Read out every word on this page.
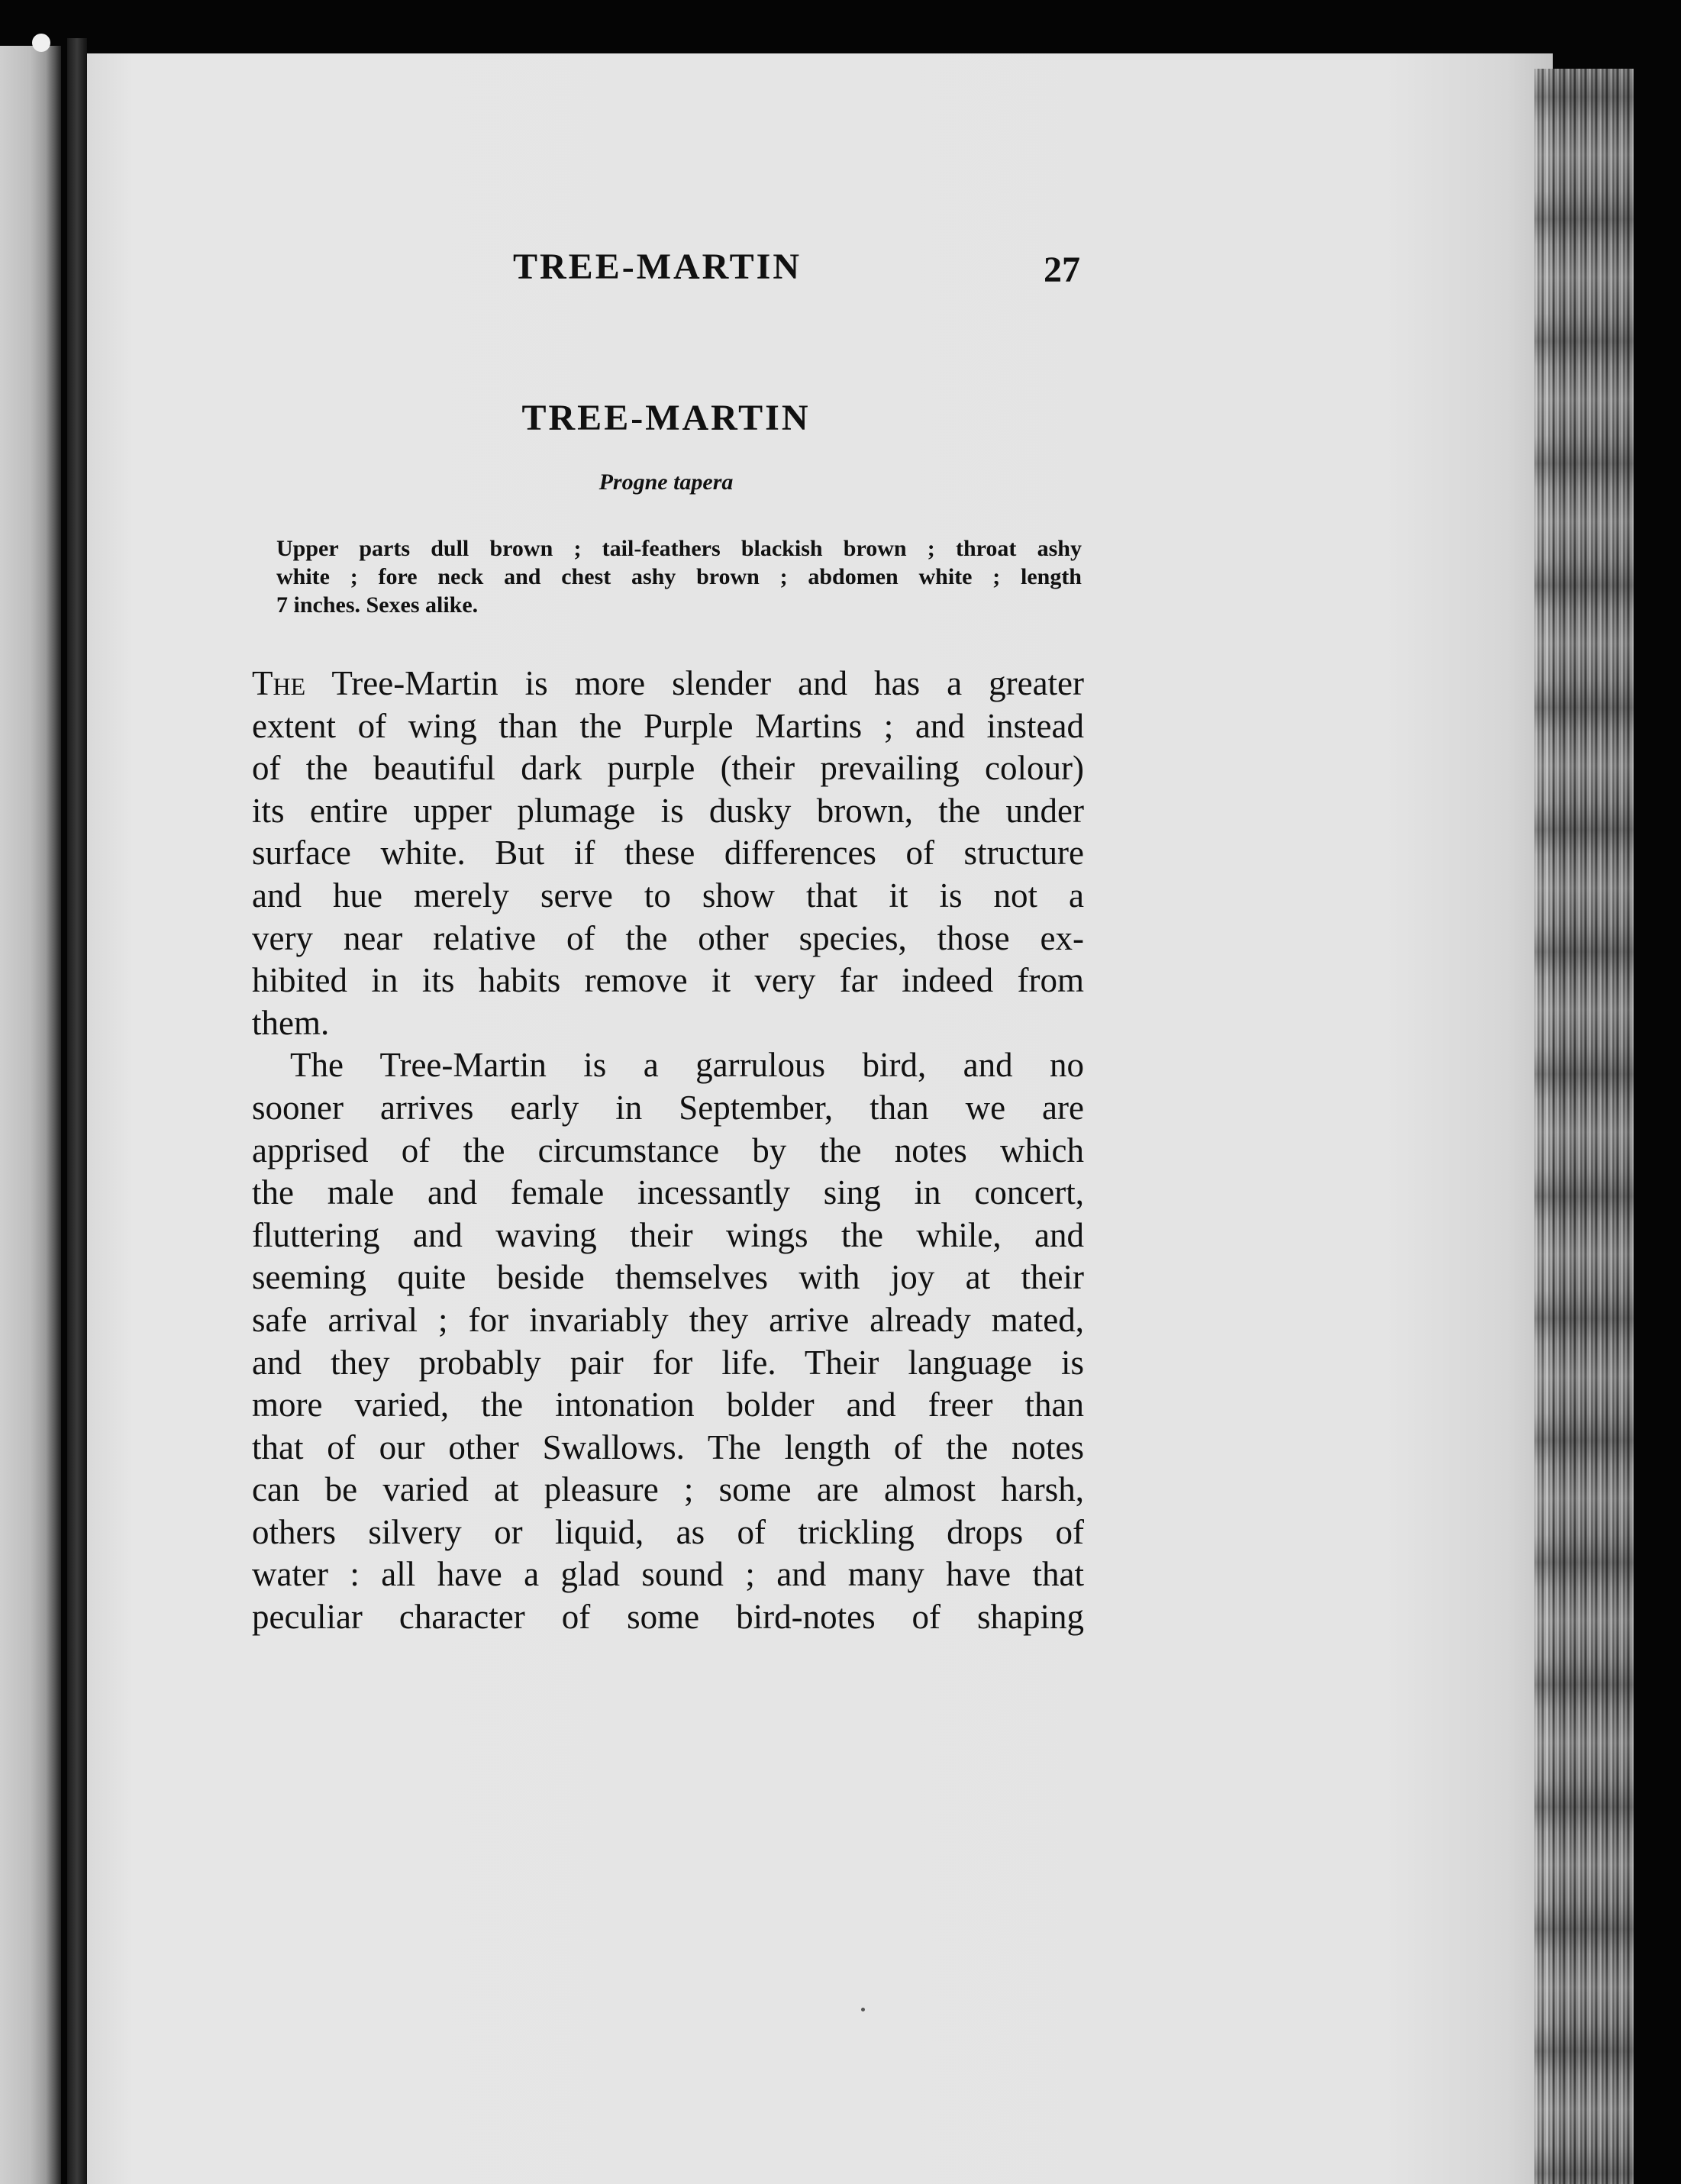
TREE-MARTIN	27
TREE-MARTIN
Progne tapera
Upper parts dull brown ; tail-feathers blackish brown ; throat ashy
white ; fore neck and chest ashy brown ; abdomen white ; length
7 inches. Sexes alike.
The Tree-Martin is more slender and has a greater
extent of wing than the Purple Martins ; and instead
of the beautiful dark purple (their prevailing colour)
its entire upper plumage is dusky brown, the under
surface white. But if these differences of structure
and hue merely serve to show that it is not a
very near relative of the other species, those ex-
hibited in its habits remove it very far indeed from
them.
The Tree-Martin is a garrulous bird, and no
sooner arrives early in September, than we are
apprised of the circumstance by the notes which
the male and female incessantly sing in concert,
fluttering and waving their wings the while, and
seeming quite beside themselves with joy at their
safe arrival ; for invariably they arrive already mated,
and they probably pair for life. Their language is
more varied, the intonation bolder and freer than
that of our other Swallows. The length of the notes
can be varied at pleasure ; some are almost harsh,
others silvery or liquid, as of trickling drops of
water : all have a glad sound ; and many have that
peculiar character of some bird-notes of shaping
